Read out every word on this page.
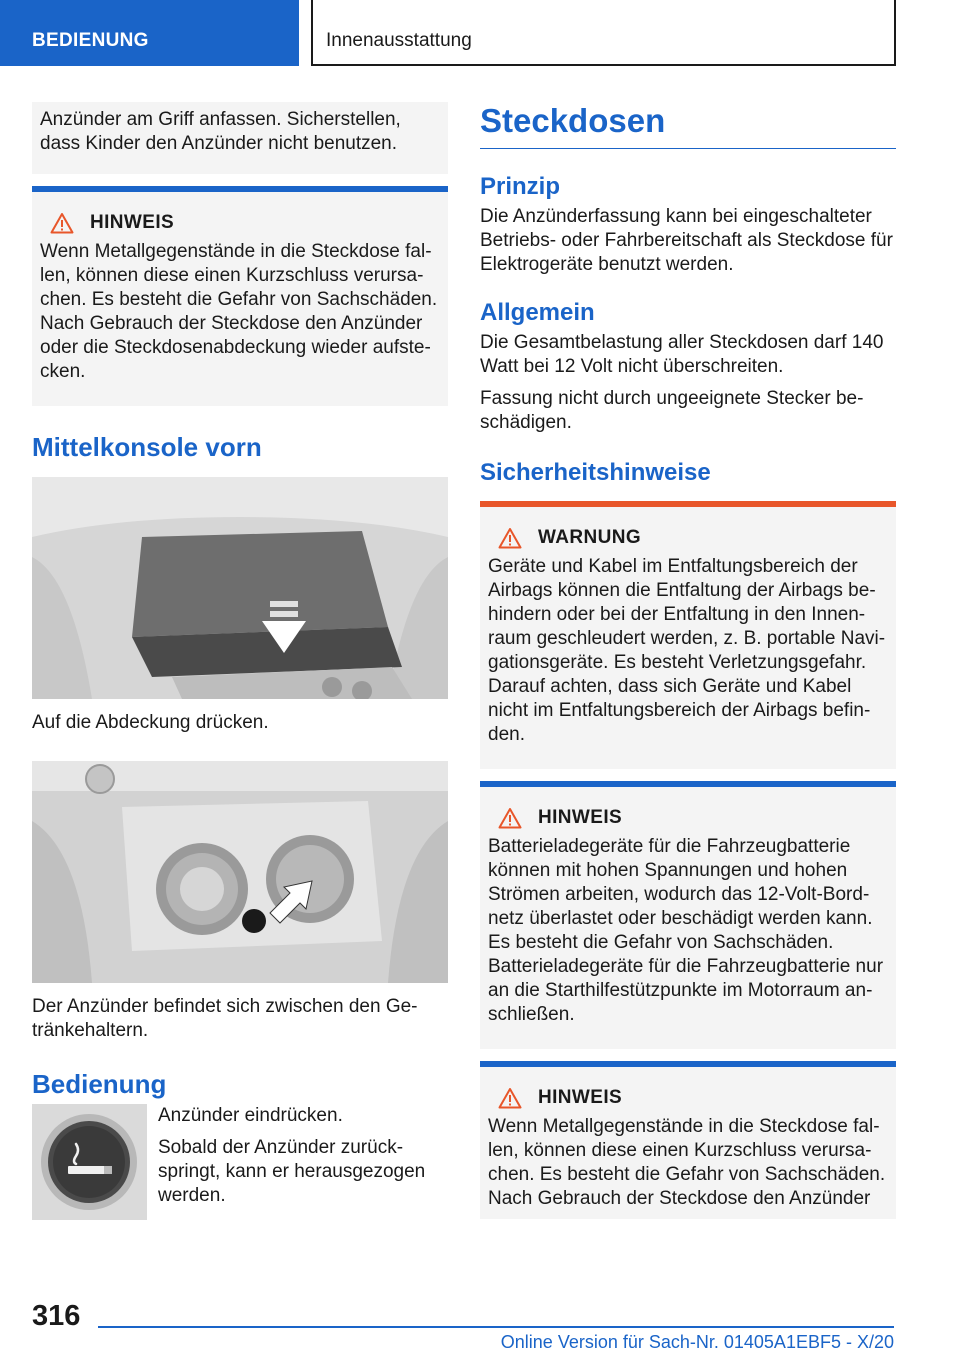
BEDIENUNG	Innenausstattung

Anzünder am Griff anfassen. Sicherstellen, dass Kinder den Anzünder nicht benutzen.

HINWEIS

Wenn Metallgegenstände in die Steckdose fallen, können diese einen Kurzschluss verursachen. Es besteht die Gefahr von Sachschäden. Nach Gebrauch der Steckdose den Anzünder oder die Steckdosenabdeckung wieder aufstecken.

Mittelkonsole vorn

Auf die Abdeckung drücken.

Der Anzünder befindet sich zwischen den Getränkehaltern.

Bedienung

Anzünder eindrücken.

Sobald der Anzünder zurückspringt, kann er herausgezogen werden.

Steckdosen
Prinzip

Die Anzünderfassung kann bei eingeschalteter Betriebs- oder Fahrbereitschaft als Steckdose für Elektrogeräte benutzt werden.

Allgemein

Die Gesamtbelastung aller Steckdosen darf 140 Watt bei 12 Volt nicht überschreiten.

Fassung nicht durch ungeeignete Stecker beschädigen.

Sicherheitshinweise
WARNUNG

Geräte und Kabel im Entfaltungsbereich der Airbags können die Entfaltung der Airbags behindern oder bei der Entfaltung in den Innenraum geschleudert werden, z. B. portable Navigationsgeräte. Es besteht Verletzungsgefahr. Darauf achten, dass sich Geräte und Kabel nicht im Entfaltungsbereich der Airbags befinden.

HINWEIS

Batterieladegeräte für die Fahrzeugbatterie können mit hohen Spannungen und hohen Strömen arbeiten, wodurch das 12-Volt-Bordnetz überlastet oder beschädigt werden kann. Es besteht die Gefahr von Sachschäden. Batterieladegeräte für die Fahrzeugbatterie nur an die Starthilfestützpunkte im Motorraum anschließen.

HINWEIS

Wenn Metallgegenstände in die Steckdose fallen, können diese einen Kurzschluss verursachen. Es besteht die Gefahr von Sachschäden. Nach Gebrauch der Steckdose den Anzünder

316
Online Version für Sach-Nr. 01405A1EBF5 - X/20
